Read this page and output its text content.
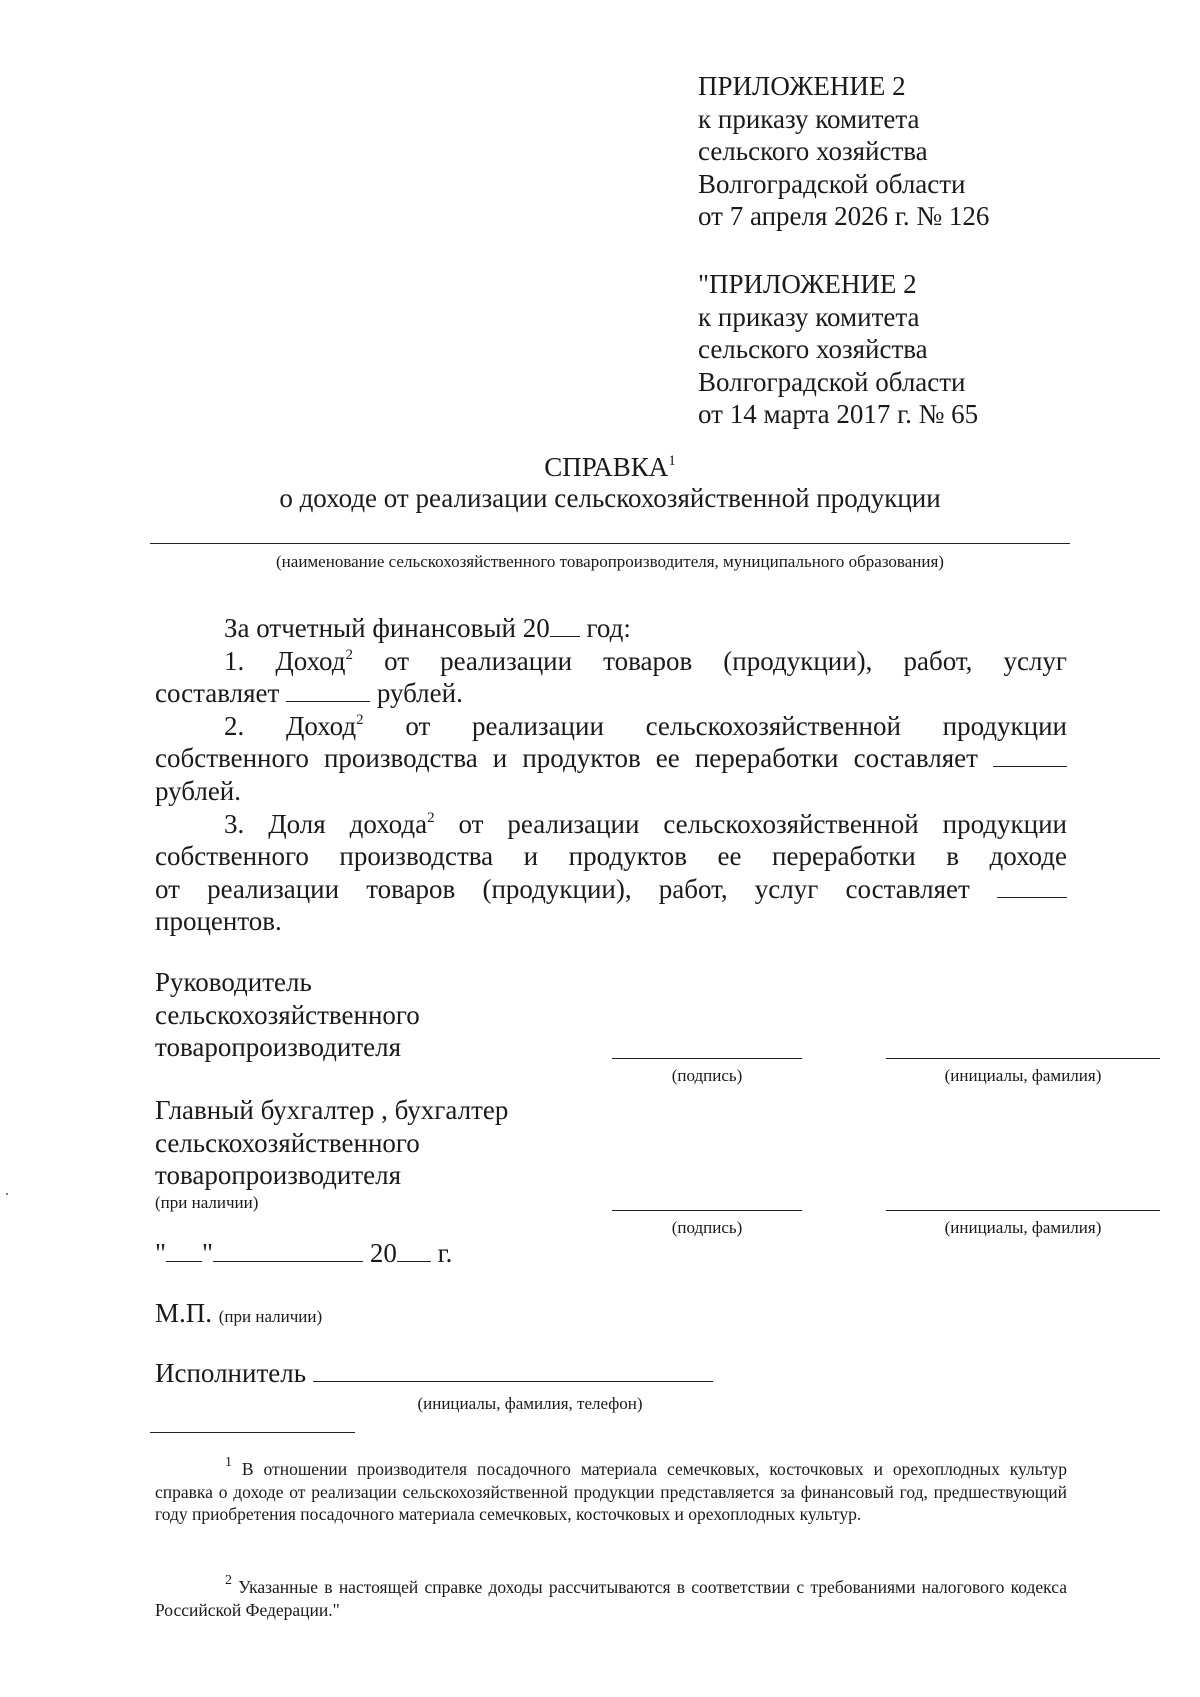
ПРИЛОЖЕНИЕ 2
к приказу комитета
сельского хозяйства
Волгоградской области
от 7 апреля 2026 г. № 126
"ПРИЛОЖЕНИЕ 2
к приказу комитета
сельского хозяйства
Волгоградской области
от 14 марта 2017 г. № 65
СПРАВКА$^1$
о доходе от реализации сельскохозяйственной продукции
(наименование сельскохозяйственного товаропроизводителя, муниципального образования)

За отчетный финансовый 20 год:

1. Доход$^2$ от реализации товаров (продукции), работ, услуг

составляет	рублей.

2. Доход$^2$ от реализации сельскохозяйственной продукции

собственного производства и продуктов ее переработки составляет

рублей.

3. Доля дохода$^2$ от реализации сельскохозяйственной продукции

собственного производства и продуктов ее переработки в доходе

от реализации товаров (продукции), работ, услуг составляет

процентов.

Руководитель
сельскохозяйственного
товаропроизводителя
(подпись)	(инициалы, фамилия)
Главный бухгалтер , бухгалтер
сельскохозяйственного
товаропроизводителя
(при наличии)
(подпись)	(инициалы, фамилия)
" "	20 г.
М.П. (при наличии)
Исполнитель
(инициалы, фамилия, телефон)

$^1$ В отношении производителя посадочного материала семечковых, косточковых и орехоплодных культур справка о доходе от реализации сельскохозяйственной продукции представляется за финансовый год, предшествующий году приобретения посадочного материала семечковых, косточковых и орехоплодных культур.

$^2$ Указанные в настоящей справке доходы рассчитываются в соответствии с требованиями налогового кодекса Российской Федерации."
